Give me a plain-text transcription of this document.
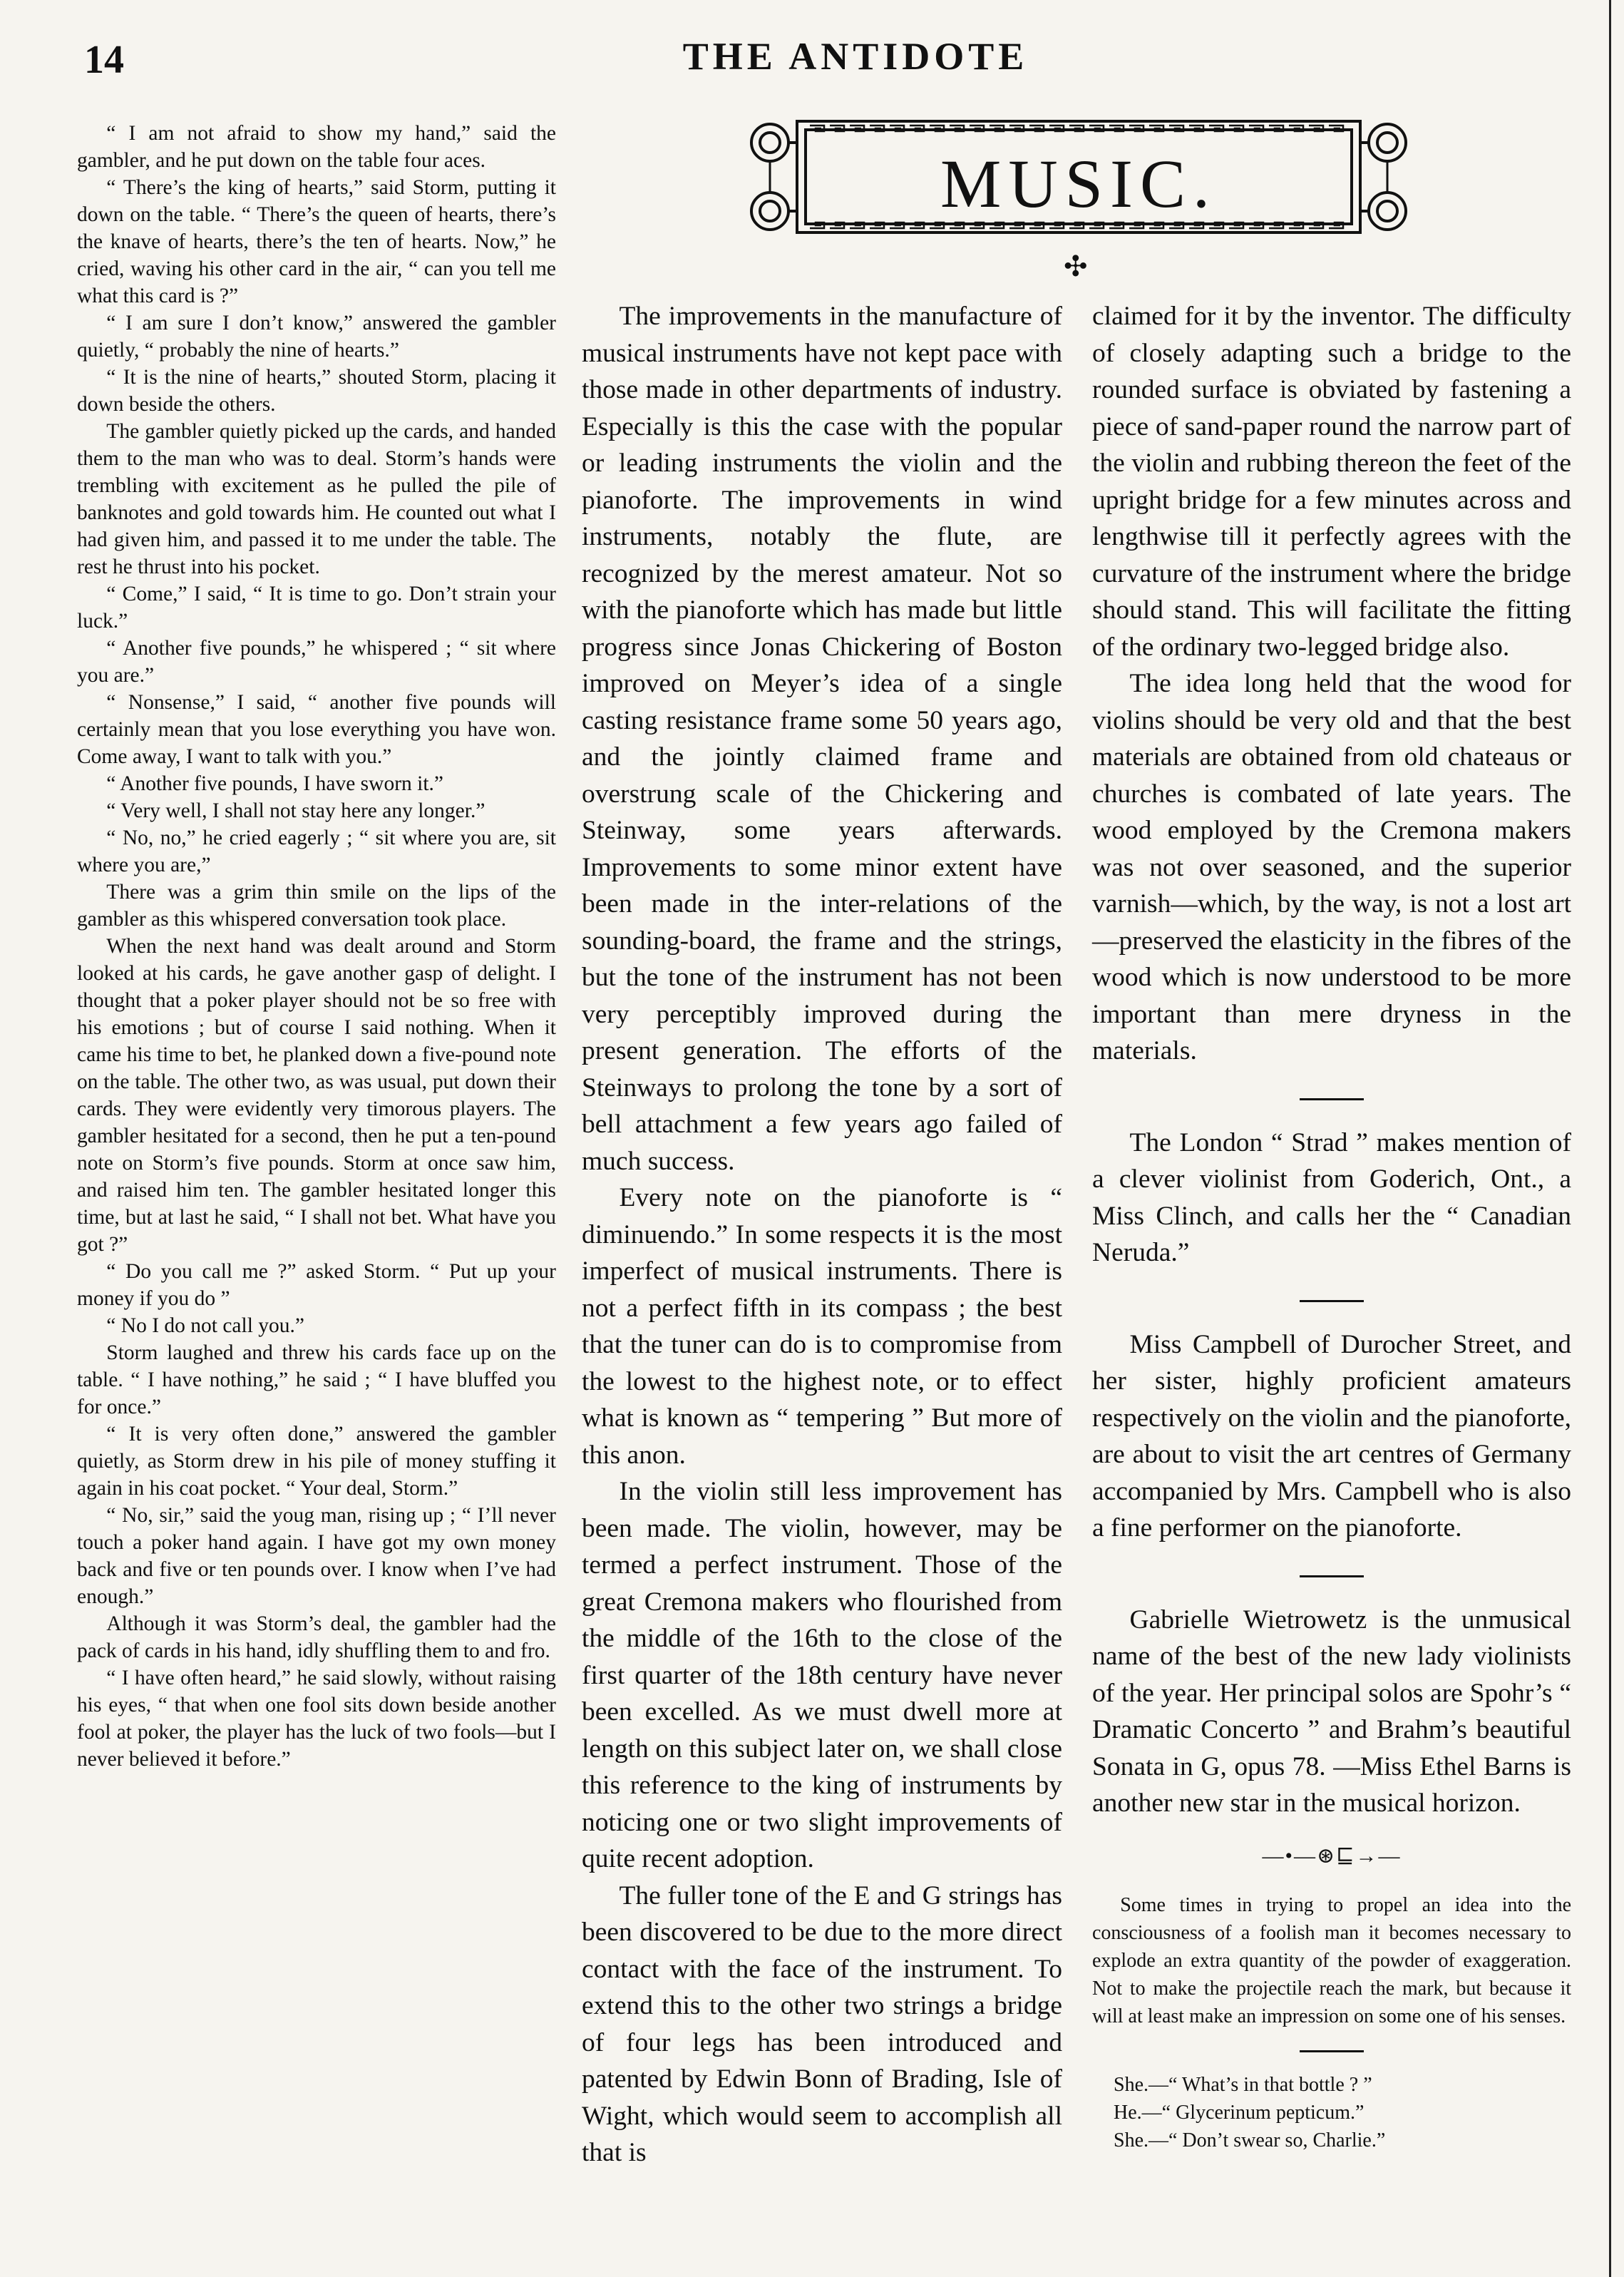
14	THE ANTIDOTE
MUSIC.
✣

“ I am not afraid to show my hand,” said the gambler, and he put down on the table four aces.

“ There’s the king of hearts,” said Storm, putting it down on the table. “ There’s the queen of hearts, there’s the knave of hearts, there’s the ten of hearts. Now,” he cried, waving his other card in the air, “ can you tell me what this card is ?”

“ I am sure I don’t know,” answered the gambler quietly, “ probably the nine of hearts.”

“ It is the nine of hearts,” shouted Storm, placing it down beside the others.

The gambler quietly picked up the cards, and handed them to the man who was to deal. Storm’s hands were trembling with excitement as he pulled the pile of banknotes and gold towards him. He counted out what I had given him, and passed it to me under the table. The rest he thrust into his pocket.

“ Come,” I said, “ It is time to go. Don’t strain your luck.”

“ Another five pounds,” he whispered ; “ sit where you are.”

“ Nonsense,” I said, “ another five pounds will certainly mean that you lose everything you have won. Come away, I want to talk with you.”

“ Another five pounds, I have sworn it.”

“ Very well, I shall not stay here any longer.”

“ No, no,” he cried eagerly ; “ sit where you are, sit where you are,”

There was a grim thin smile on the lips of the gambler as this whispered conversation took place.

When the next hand was dealt around and Storm looked at his cards, he gave another gasp of delight. I thought that a poker player should not be so free with his emotions ; but of course I said nothing. When it came his time to bet, he planked down a five-pound note on the table. The other two, as was usual, put down their cards. They were evidently very timorous players. The gambler hesitated for a second, then he put a ten-pound note on Storm’s five pounds. Storm at once saw him, and raised him ten. The gambler hesitated longer this time, but at last he said, “ I shall not bet. What have you got ?”

“ Do you call me ?” asked Storm. “ Put up your money if you do ”

“ No I do not call you.”

Storm laughed and threw his cards face up on the table. “ I have nothing,” he said ; “ I have bluffed you for once.”

“ It is very often done,” answered the gambler quietly, as Storm drew in his pile of money stuffing it again in his coat pocket. “ Your deal, Storm.”

“ No, sir,” said the youg man, rising up ; “ I’ll never touch a poker hand again. I have got my own money back and five or ten pounds over. I know when I’ve had enough.”

Although it was Storm’s deal, the gambler had the pack of cards in his hand, idly shuffling them to and fro.

“ I have often heard,” he said slowly, without raising his eyes, “ that when one fool sits down beside another fool at poker, the player has the luck of two fools—but I never believed it before.”

The improvements in the manufacture of musical instruments have not kept pace with those made in other departments of industry. Especially is this the case with the popular or leading instruments the violin and the pianoforte. The improvements in wind instruments, notably the flute, are recognized by the merest amateur. Not so with the pianoforte which has made but little progress since Jonas Chickering of Boston improved on Meyer’s idea of a single casting resistance frame some 50 years ago, and the jointly claimed frame and overstrung scale of the Chickering and Steinway, some years afterwards. Improvements to some minor extent have been made in the inter-relations of the sounding-board, the frame and the strings, but the tone of the instrument has not been very perceptibly improved during the present generation. The efforts of the Steinways to prolong the tone by a sort of bell attachment a few years ago failed of much success.

Every note on the pianoforte is “ diminuendo.” In some respects it is the most imperfect of musical instruments. There is not a perfect fifth in its compass ; the best that the tuner can do is to compromise from the lowest to the highest note, or to effect what is known as “ tempering ” But more of this anon.

In the violin still less improvement has been made. The violin, however, may be termed a perfect instrument. Those of the great Cremona makers who flourished from the middle of the 16th to the close of the first quarter of the 18th century have never been excelled. As we must dwell more at length on this subject later on, we shall close this reference to the king of instruments by noticing one or two slight improvements of quite recent adoption.

The fuller tone of the E and G strings has been discovered to be due to the more direct contact with the face of the instrument. To extend this to the other two strings a bridge of four legs has been introduced and patented by Edwin Bonn of Brading, Isle of Wight, which would seem to accomplish all that is

claimed for it by the inventor. The difficulty of closely adapting such a bridge to the rounded surface is obviated by fastening a piece of sand-paper round the narrow part of the violin and rubbing thereon the feet of the upright bridge for a few minutes across and lengthwise till it perfectly agrees with the curvature of the instrument where the bridge should stand. This will facilitate the fitting of the ordinary two-legged bridge also.

The idea long held that the wood for violins should be very old and that the best materials are obtained from old chateaus or churches is combated of late years. The wood employed by the Cremona makers was not over seasoned, and the superior varnish—which, by the way, is not a lost art—preserved the elasticity in the fibres of the wood which is now understood to be more important than mere dryness in the materials.

The London “ Strad ” makes mention of a clever violinist from Goderich, Ont., a Miss Clinch, and calls her the “ Canadian Neruda.”

Miss Campbell of Durocher Street, and her sister, highly proficient amateurs respectively on the violin and the pianoforte, are about to visit the art centres of Germany accompanied by Mrs. Campbell who is also a fine performer on the pianoforte.

Gabrielle Wietrowetz is the unmusical name of the best of the new lady violinists of the year. Her principal solos are Spohr’s “ Dramatic Concerto ” and Brahm’s beautiful Sonata in G, opus 78. —Miss Ethel Barns is another new star in the musical horizon.

—•—⊛⊑→—

Some times in trying to propel an idea into the consciousness of a foolish man it becomes necessary to explode an extra quantity of the powder of exaggeration. Not to make the projectile reach the mark, but because it will at least make an impression on some one of his senses.

She.—“ What’s in that bottle ? ”
He.—“ Glycerinum pepticum.”
She.—“ Don’t swear so, Charlie.”
